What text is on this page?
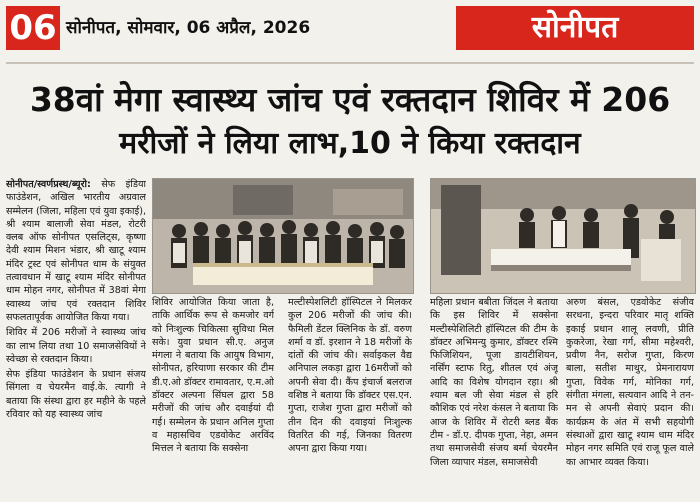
06 सोनीपत, सोमवार, 06 अप्रैल, 2026	सोनीपत
38वां मेगा स्वास्थ्य जांच एवं रक्तदान शिविर में 206
मरीजों ने लिया लाभ,10 ने किया रक्तदान

सोनीपत/स्वर्णप्रस्थ/ब्यूरो: सेफ इंडिया फाउंडेशन, अखिल भारतीय अग्रवाल सम्मेलन (जिला, महिला एवं युवा इकाई), श्री श्याम बालाजी सेवा मंडल, रोटरी क्लब ऑफ सोनीपत एसलिट्स, कृष्णा देवी श्याम मिशन भंडार, श्री खाटू श्याम मंदिर ट्रस्ट एवं सोनीपत धाम के संयुक्त तत्वावधान में खाटू श्याम मंदिर सोनीपत धाम मोहन नगर, सोनीपत में 38वां मेगा स्वास्थ्य जांच एवं रक्तदान शिविर सफलतापूर्वक आयोजित किया गया।

शिविर में 206 मरीजों ने स्वास्थ्य जांच का लाभ लिया तथा 10 समाजसेवियों ने स्वेच्छा से रक्तदान किया।

सेफ इंडिया फाउंडेशन के प्रधान संजय सिंगला व चेयरमैन वाई.के. त्यागी ने बताया कि संस्था द्वारा हर महीने के पहले रविवार को यह स्वास्थ्य जांच

शिविर आयोजित किया जाता है, ताकि आर्थिक रूप से कमजोर वर्ग को निःशुल्क चिकित्सा सुविधा मिल सके। युवा प्रधान सी.ए. अनुज मंगला ने बताया कि आयुष विभाग, सोनीपत, हरियाणा सरकार की टीम डी.ए.ओ डॉक्टर रामावतार, ए.म.ओ डॉक्टर अल्पना सिंघल द्वारा 58 मरीजों की जांच और दवाईयां दी गई। सम्मेलन के प्रधान अनिल गुप्ता व महासचिव एडवोकेट अरविंद मित्तल ने बताया कि सक्सेना
मल्टीस्पेशलिटी हॉस्पिटल ने मिलकर कुल 206 मरीजों की जांच की। फैमिली डेंटल क्लिनिक के डॉ. वरुण शर्मा व डॉ. इरशान ने 18 मरीजों के दांतों की जांच की। सर्वाइकल वैद्य अनिपाल लकड़ा द्वारा 16मरीजों को अपनी सेवा दी। कैंप इंचार्ज बलराज वशिष्ठ ने बताया कि डॉक्टर एस.एन. गुप्ता, राजेश गुप्ता द्वारा मरीजों को तीन दिन की दवाइयां निःशुल्क वितरित की गई, जिनका वितरण अपना द्वारा किया गया।
महिला प्रधान बबीता जिंदल ने बताया कि इस शिविर में सक्सेना मल्टीस्पेशिलिटी हॉस्पिटल की टीम के डॉक्टर अभिमन्यु कुमार, डॉक्टर रश्मि फिजिशियन, पूजा डायटीशियन, नर्सिंग स्टाफ रितु, शीतल एवं अंजू आदि का विशेष योगदान रहा। श्री श्याम बल जी सेवा मंडल से हरि कौशिक एवं नरेश कंसल ने बताया कि आज के शिविर में रोटरी ब्लड बैंक टीम - डॉ.ए. दीपक गुप्ता, नेहा, अमन तथा समाजसेवी संजय बर्मा चेयरमैन जिला व्यापार मंडल, समाजसेवी
अरुण बंसल, एडवोकेट संजीव सरधना, इन्दरा परिवार मातृ शक्ति इकाई प्रधान शालू लवणी, प्रीति कुकरेजा, रेखा गर्ग, सीमा महेश्वरी, प्रवीण नैन, सरोज गुप्ता, किरण बाला, सतीश माथुर, प्रेमनारायण गुप्ता, विवेक गर्ग, मोनिका गर्ग, संगीता मंगला, सत्यवान आदि ने तन-मन से अपनी सेवाएं प्रदान की। कार्यक्रम के अंत में सभी सहयोगी संस्थाओं द्वारा खाटू श्याम धाम मंदिर मोहन नगर समिति एवं राजू फूल वाले का आभार व्यक्त किया।
